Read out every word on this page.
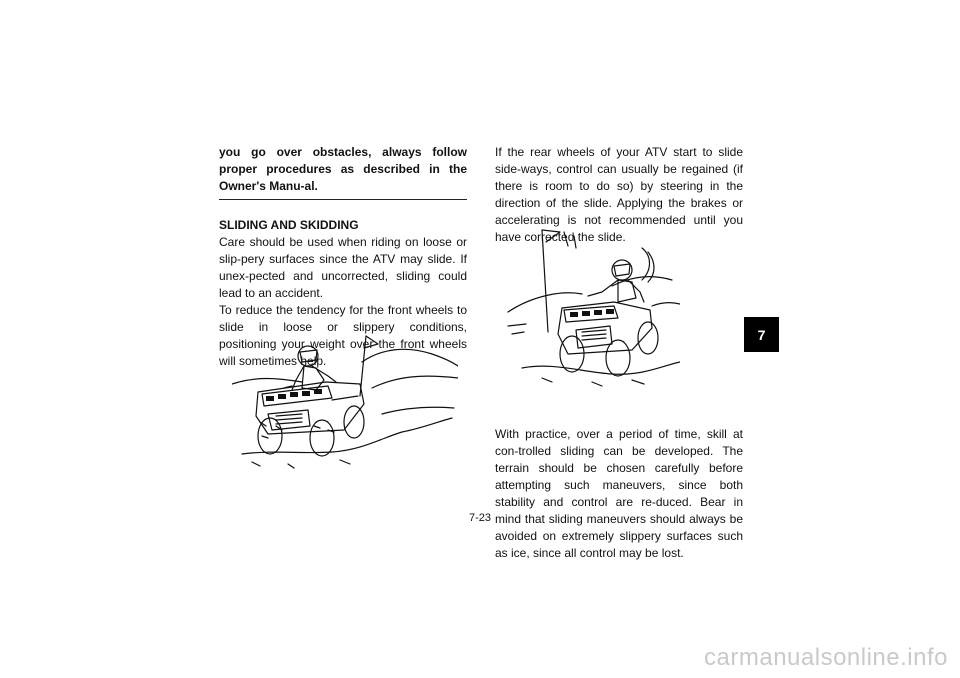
you go over obstacles, always follow proper procedures as described in the Owner's Manu-al.

SLIDING AND SKIDDING

Care should be used when riding on loose or slip-pery surfaces since the ATV may slide. If unex-pected and uncorrected, sliding could lead to an accident.

To reduce the tendency for the front wheels to slide in loose or slippery conditions, positioning your weight over the front wheels will sometimes help.

If the rear wheels of your ATV start to slide side-ways, control can usually be regained (if there is room to do so) by steering in the direction of the slide. Applying the brakes or accelerating is not recommended until you have corrected the slide.

With practice, over a period of time, skill at con-trolled sliding can be developed. The terrain should be chosen carefully before attempting such maneuvers, since both stability and control are re-duced. Bear in mind that sliding maneuvers should always be avoided on extremely slippery surfaces such as ice, since all control may be lost.

7
7-23
carmanualsonline.info
